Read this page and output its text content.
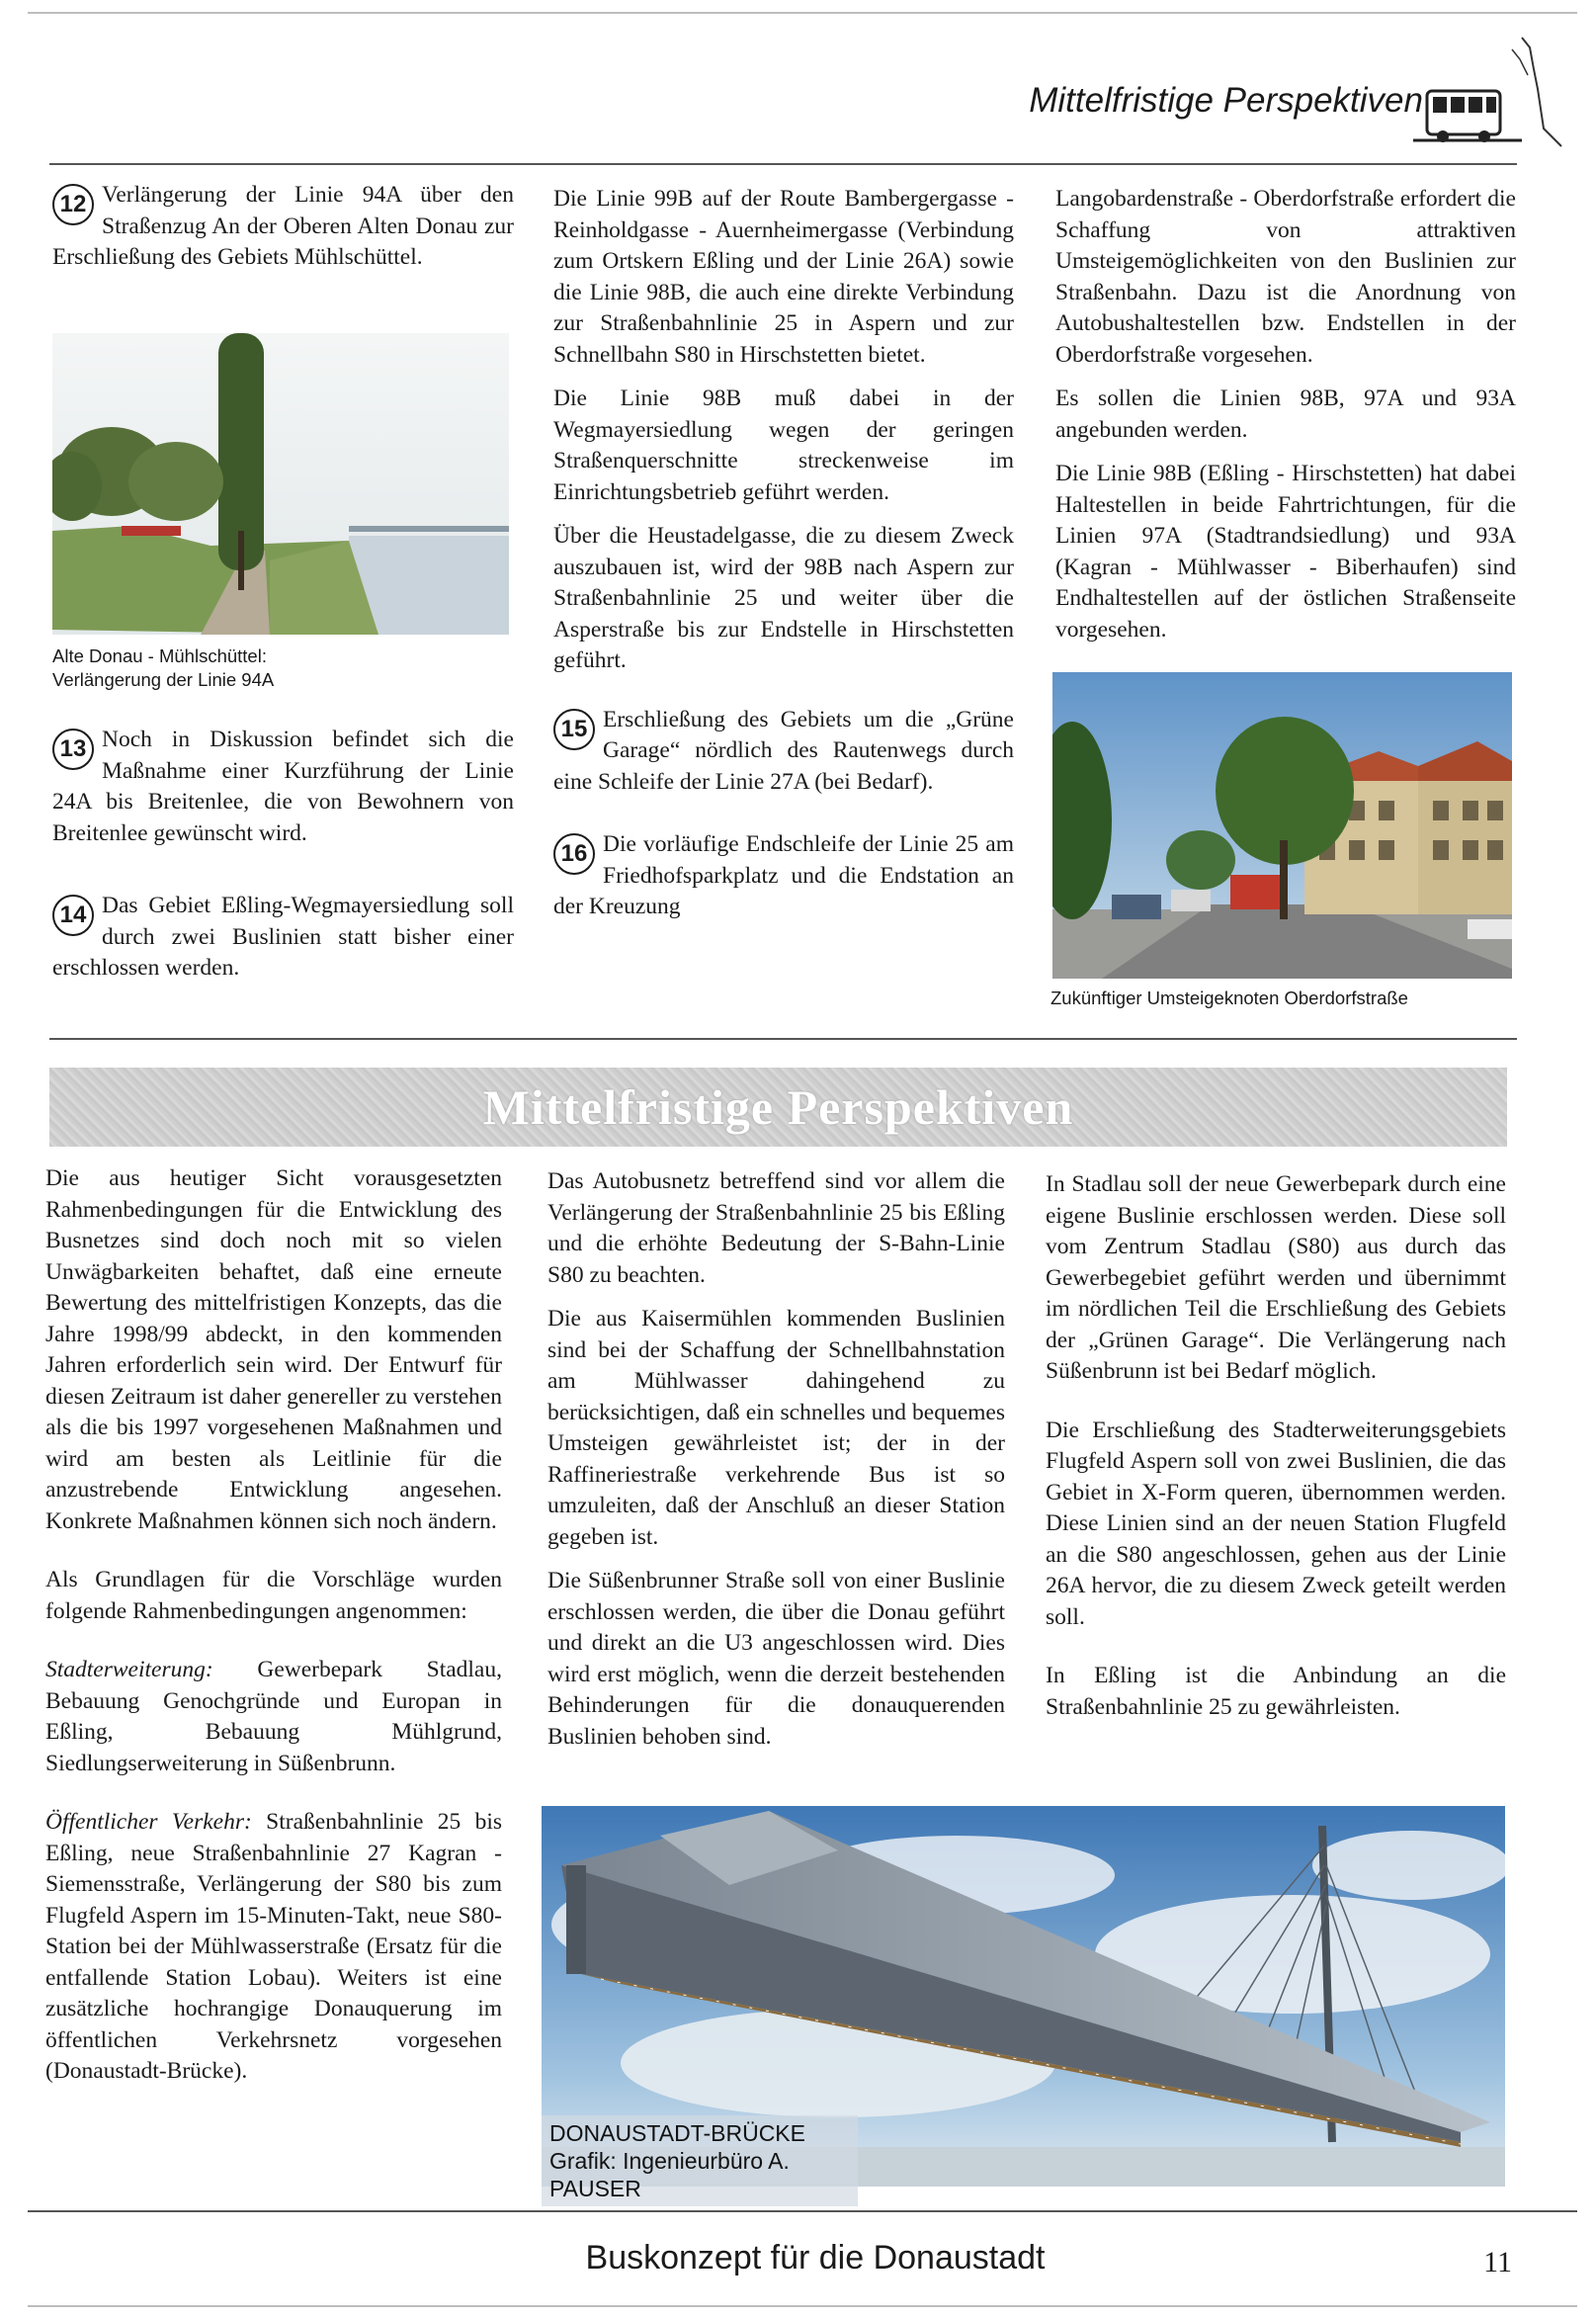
Mittelfristige Perspektiven

12 Verlängerung der Linie 94A über den Straßenzug An der Oberen Alten Donau zur Erschließung des Gebiets Mühlschüttel.

Alte Donau - Mühlschüttel:
Verlängerung der Linie 94A

13 Noch in Diskussion befindet sich die Maßnahme einer Kurzführung der Linie 24A bis Breitenlee, die von Bewohnern von Breitenlee gewünscht wird.

14 Das Gebiet Eßling-Wegmayersiedlung soll durch zwei Buslinien statt bisher einer erschlossen werden.

Die Linie 99B auf der Route Bambergergasse - Reinholdgasse - Auernheimergasse (Verbindung zum Ortskern Eßling und der Linie 26A) sowie die Linie 98B, die auch eine direkte Verbindung zur Straßenbahnlinie 25 in Aspern und zur Schnellbahn S80 in Hirschstetten bietet.

Die Linie 98B muß dabei in der Wegmayersiedlung wegen der geringen Straßenquerschnitte streckenweise im Einrichtungsbetrieb geführt werden.

Über die Heustadelgasse, die zu diesem Zweck auszubauen ist, wird der 98B nach Aspern zur Straßenbahnlinie 25 und weiter über die Asperstraße bis zur Endstelle in Hirschstetten geführt.

15 Erschließung des Gebiets um die „Grüne Garage“ nördlich des Rautenwegs durch eine Schleife der Linie 27A (bei Bedarf).

16 Die vorläufige Endschleife der Linie 25 am Friedhofsparkplatz und die Endstation an der Kreuzung

Langobardenstraße - Oberdorfstraße erfordert die Schaffung von attraktiven Umsteigemöglichkeiten von den Buslinien zur Straßenbahn. Dazu ist die Anordnung von Autobushaltestellen bzw. Endstellen in der Oberdorfstraße vorgesehen.

Es sollen die Linien 98B, 97A und 93A angebunden werden.

Die Linie 98B (Eßling - Hirschstetten) hat dabei Haltestellen in beide Fahrtrichtungen, für die Linien 97A (Stadtrandsiedlung) und 93A (Kagran - Mühlwasser - Biberhaufen) sind Endhaltestellen auf der östlichen Straßenseite vorgesehen.

Zukünftiger Umsteigeknoten Oberdorfstraße
Mittelfristige Perspektiven

Die aus heutiger Sicht vorausgesetzten Rahmenbedingungen für die Entwicklung des Busnetzes sind doch noch mit so vielen Unwägbarkeiten behaftet, daß eine erneute Bewertung des mittelfristigen Konzepts, das die Jahre 1998/99 abdeckt, in den kommenden Jahren erforderlich sein wird. Der Entwurf für diesen Zeitraum ist daher genereller zu verstehen als die bis 1997 vorgesehenen Maßnahmen und wird am besten als Leitlinie für die anzustrebende Entwicklung angesehen. Konkrete Maßnahmen können sich noch ändern.

Als Grundlagen für die Vorschläge wurden folgende Rahmenbedingungen angenommen:

Stadterweiterung: Gewerbepark Stadlau, Bebauung Genochgründe und Europan in Eßling, Bebauung Mühlgrund, Siedlungserweiterung in Süßenbrunn.

Öffentlicher Verkehr: Straßenbahnlinie 25 bis Eßling, neue Straßenbahnlinie 27 Kagran - Siemensstraße, Verlängerung der S80 bis zum Flugfeld Aspern im 15-Minuten-Takt, neue S80-Station bei der Mühlwasserstraße (Ersatz für die entfallende Station Lobau). Weiters ist eine zusätzliche hochrangige Donauquerung im öffentlichen Verkehrsnetz vorgesehen (Donaustadt-Brücke).

Das Autobusnetz betreffend sind vor allem die Verlängerung der Straßenbahnlinie 25 bis Eßling und die erhöhte Bedeutung der S-Bahn-Linie S80 zu beachten.

Die aus Kaisermühlen kommenden Buslinien sind bei der Schaffung der Schnellbahnstation am Mühlwasser dahingehend zu berücksichtigen, daß ein schnelles und bequemes Umsteigen gewährleistet ist; der in der Raffineriestraße verkehrende Bus ist so umzuleiten, daß der Anschluß an dieser Station gegeben ist.

Die Süßenbrunner Straße soll von einer Buslinie erschlossen werden, die über die Donau geführt und direkt an die U3 angeschlossen wird. Dies wird erst möglich, wenn die derzeit bestehenden Behinderungen für die donauquerenden Buslinien behoben sind.

In Stadlau soll der neue Gewerbepark durch eine eigene Buslinie erschlossen werden. Diese soll vom Zentrum Stadlau (S80) aus durch das Gewerbegebiet geführt werden und übernimmt im nördlichen Teil die Erschließung des Gebiets der „Grünen Garage“. Die Verlängerung nach Süßenbrunn ist bei Bedarf möglich.

Die Erschließung des Stadterweiterungsgebiets Flugfeld Aspern soll von zwei Buslinien, die das Gebiet in X-Form queren, übernommen werden. Diese Linien sind an der neuen Station Flugfeld an die S80 angeschlossen, gehen aus der Linie 26A hervor, die zu diesem Zweck geteilt werden soll.

In Eßling ist die Anbindung an die Straßenbahnlinie 25 zu gewährleisten.

DONAUSTADT-BRÜCKE
Grafik: Ingenieurbüro A. PAUSER
Buskonzept für die Donaustadt	11
